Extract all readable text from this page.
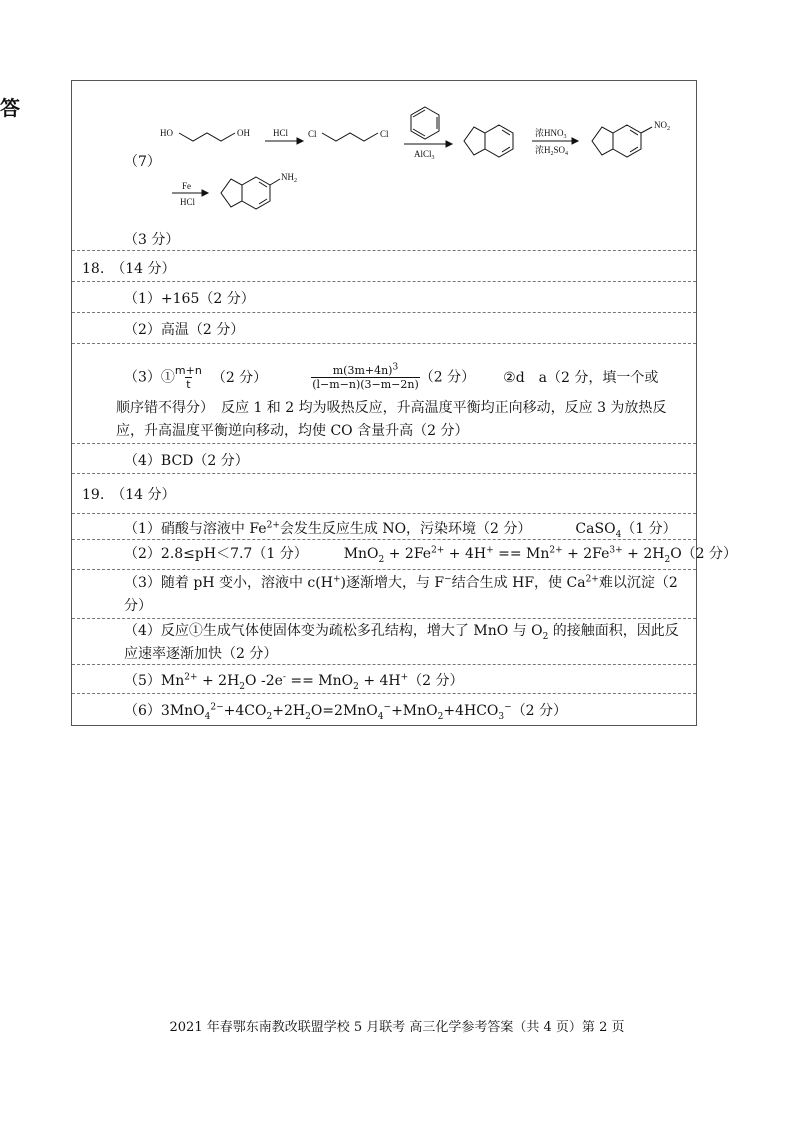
答
（7）
HO	OH	HCl Cl	Cl
AlCl$_3$
浓$HNO_3$
浓$H_2SO_4$
$NO_2$
Fe
HCl
$NH_2$
（3 分）
18.　（14 分）
（1）+165（2 分）
（2）高温（2 分）
（3）① $\frac{m+n}{t} (2$ 分）	$\frac{m(3m+4n)^3}{(l-m-n)(3-m-2n)} (2$ 分） ②d　a（2 分，填一个或
顺序错不得分）　反应 1 和 2 均为吸热反应，升高温度平衡均正向移动，反应 3 为放热反应，升高温度平衡逆向移动，均使 CO 含量升高（2 分）
（4）BCD（2 分）
19.　（14 分）
（1）硝酸与溶液中 $Fe^{2+}$会发生反应生成 NO，污染环境（2 分）	CaSO$_4$（1 分）
（2）2.8≤pH＜7.7（1 分）	$MnO_2 + 2Fe^{2+} + 4H^+ == Mn^{2+} + 2Fe^{3+} + 2H_2O(2$ 分）
（3）随着 pH 变小，溶液中 c(H+)逐渐增大，与 F−结合生成 HF，使 $Ca^{2+}$难以沉淀（2 分）
（4）反应①生成气体使固体变为疏松多孔结构，增大了 MnO 与 $O_2$ 的接触面积，因此反应速率逐渐加快（2 分）
$(5)Mn^{2+} + 2H_2O$ -2e- == MnO$_2$ + 4H+（2 分）
$(6)3MnO_4^{2-}+4CO_2+2H_2O=2MnO_4^-+MnO_2+4HCO_3^-(2$ 分）
2021 年春鄂东南教改联盟学校 5 月联考 高三化学参考答案（共 4 页）第 2 页
